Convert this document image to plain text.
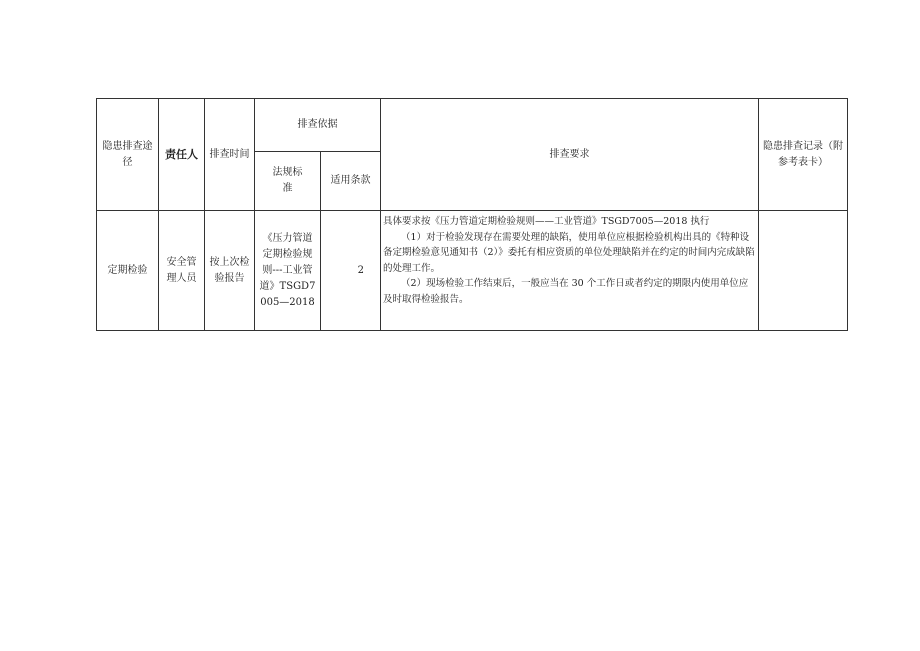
隐患排查途径	责任人	排查时间	排查依据		排查要求	隐患排查记录（附参考表卡）
			法规标准	适用条款		
定期检验	安全管理人员	按上次检验报告	《压力管道定期检验规则---工业管道》TSGD7005—2018	2	具体要求按《压力管道定期检验规则——工业管道》TSGD7005—2018 执行
（1）对于检验发现存在需要处理的缺陷，使用单位应根据检验机构出具的《特种设备定期检验意见通知书（2）》委托有相应资质的单位处理缺陷并在约定的时间内完成缺陷的处理工作。
（2）现场检验工作结束后，一般应当在 30 个工作日或者约定的期限内使用单位应及时取得检验报告。	
